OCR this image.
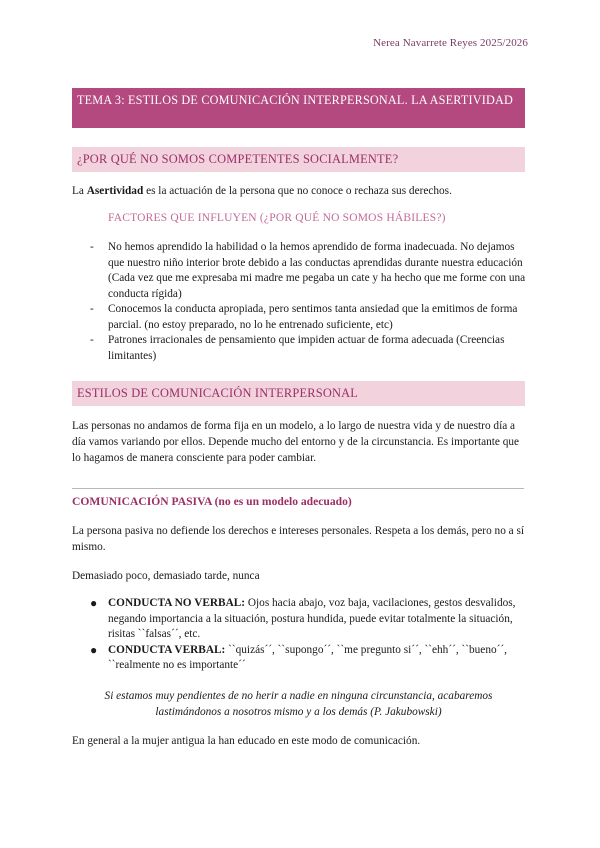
Nerea Navarrete Reyes 2025/2026
TEMA 3: ESTILOS DE COMUNICACIÓN INTERPERSONAL. LA ASERTIVIDAD
¿POR QUÉ NO SOMOS COMPETENTES SOCIALMENTE?
La Asertividad es la actuación de la persona que no conoce o rechaza sus derechos.
FACTORES QUE INFLUYEN (¿POR QUÉ NO SOMOS HÁBILES?)
- No hemos aprendido la habilidad o la hemos aprendido de forma inadecuada. No dejamos que nuestro niño interior brote debido a las conductas aprendidas durante nuestra educación (Cada vez que me expresaba mi madre me pegaba un cate y ha hecho que me forme con una conducta rígida)
- Conocemos la conducta apropiada, pero sentimos tanta ansiedad que la emitimos de forma parcial. (no estoy preparado, no lo he entrenado suficiente, etc)
- Patrones irracionales de pensamiento que impiden actuar de forma adecuada (Creencias limitantes)
ESTILOS DE COMUNICACIÓN INTERPERSONAL
Las personas no andamos de forma fija en un modelo, a lo largo de nuestra vida y de nuestro día a día vamos variando por ellos. Depende mucho del entorno y de la circunstancia. Es importante que lo hagamos de manera consciente para poder cambiar.
COMUNICACIÓN PASIVA (no es un modelo adecuado)
La persona pasiva no defiende los derechos e intereses personales. Respeta a los demás, pero no a sí mismo.
Demasiado poco, demasiado tarde, nunca
● CONDUCTA NO VERBAL: Ojos hacia abajo, voz baja, vacilaciones, gestos desvalidos, negando importancia a la situación, postura hundida, puede evitar totalmente la situación, risitas ``falsas´´, etc.
● CONDUCTA VERBAL: ``quizás´´, ``supongo´´, ``me pregunto si´´, ``ehh´´, ``bueno´´, ``realmente no es importante´´
Si estamos muy pendientes de no herir a nadie en ninguna circunstancia, acabaremos lastimándonos a nosotros mismo y a los demás (P. Jakubowski)
En general a la mujer antigua la han educado en este modo de comunicación.
